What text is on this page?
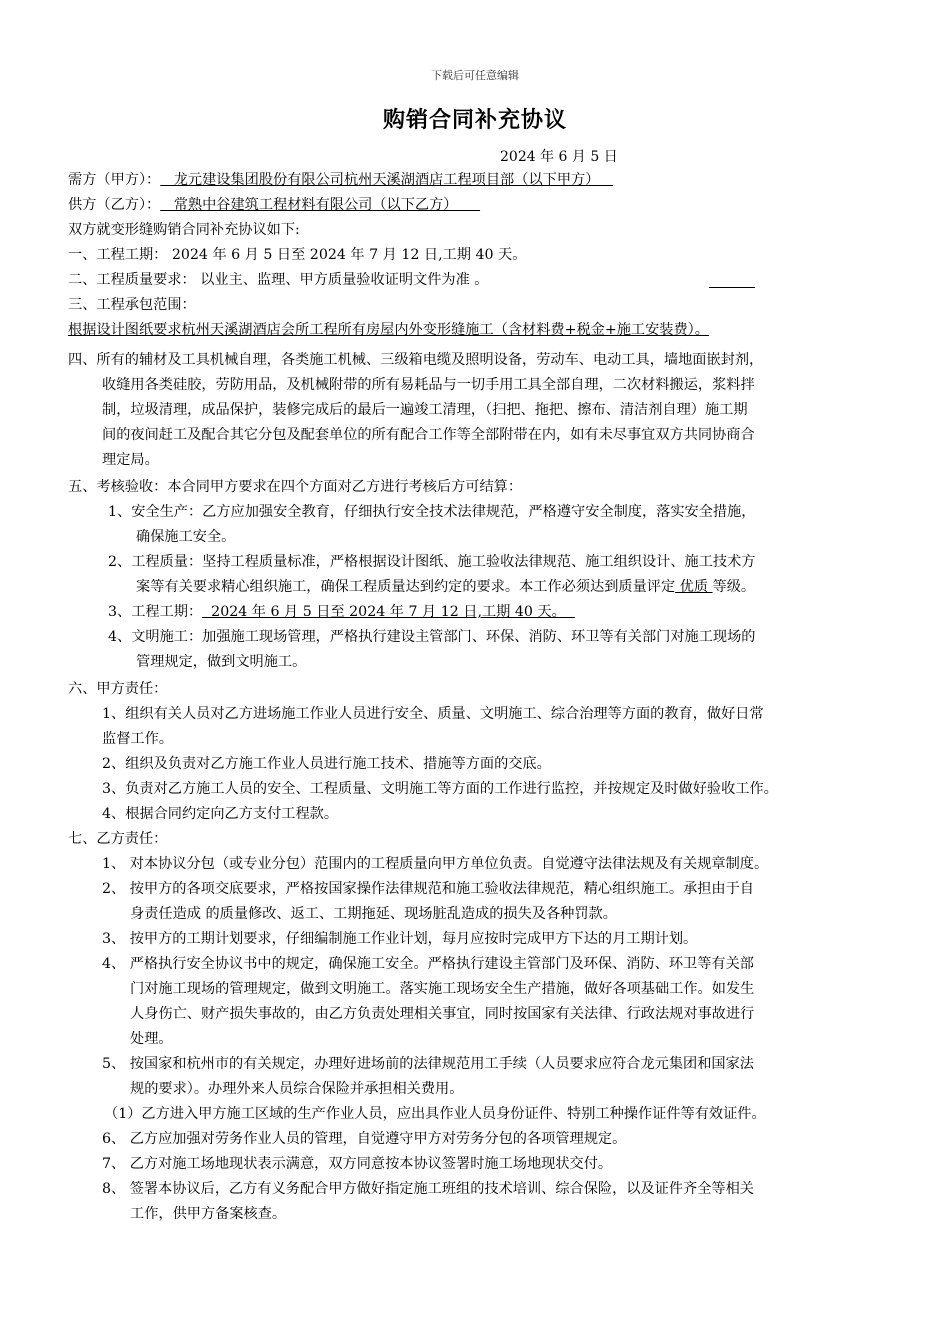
下载后可任意编辑
购销合同补充协议
2024 年 6 月 5 日
需方（甲方）：   龙元建设集团股份有限公司杭州天溪湖酒店工程项目部（以下甲方）
供方（乙方）：   常熟中谷建筑工程材料有限公司（以下乙方）
双方就变形缝购销合同补充协议如下:
一、工程工期： 2024 年 6 月 5 日至 2024 年 7 月 12 日,工期 40 天。
二、工程质量要求： 以业主、监理、甲方质量验收证明文件为准 。
三、工程承包范围：
根据设计图纸要求杭州天溪湖酒店会所工程所有房屋内外变形缝施工（含材料费+税金+施工安装费）。
四、所有的辅材及工具机械自理，各类施工机械、三级箱电缆及照明设备，劳动车、电动工具，墙地面嵌封剂，
收缝用各类硅胶，劳防用品，及机械附带的所有易耗品与一切手用工具全部自理，二次材料搬运，浆料拌
制，垃圾清理，成品保护，装修完成后的最后一遍竣工清理，（扫把、拖把、擦布、清洁剂自理）施工期
间的夜间赶工及配合其它分包及配套单位的所有配合工作等全部附带在内，如有未尽事宜双方共同协商合
理定局。
五、考核验收：本合同甲方要求在四个方面对乙方进行考核后方可结算：
1、安全生产：乙方应加强安全教育，仔细执行安全技术法律规范，严格遵守安全制度，落实安全措施，
确保施工安全。
2、工程质量：坚持工程质量标准，严格根据设计图纸、施工验收法律规范、施工组织设计、施工技术方
案等有关要求精心组织施工，确保工程质量达到约定的要求。本工作必须达到质量评定 优质 等级。
3、工程工期：  2024 年 6 月 5 日至 2024 年 7 月 12 日,工期 40 天。
4、文明施工：加强施工现场管理，严格执行建设主管部门、环保、消防、环卫等有关部门对施工现场的
管理规定，做到文明施工。
六、甲方责任：
1、组织有关人员对乙方进场施工作业人员进行安全、质量、文明施工、综合治理等方面的教育，做好日常
监督工作。
2、组织及负责对乙方施工作业人员进行施工技术、措施等方面的交底。
3、负责对乙方施工人员的安全、工程质量、文明施工等方面的工作进行监控，并按规定及时做好验收工作。
4、根据合同约定向乙方支付工程款。
七、乙方责任：
1、 对本协议分包（或专业分包）范围内的工程质量向甲方单位负责。自觉遵守法律法规及有关规章制度。
2、 按甲方的各项交底要求，严格按国家操作法律规范和施工验收法律规范，精心组织施工。承担由于自
身责任造成 的质量修改、返工、工期拖延、现场脏乱造成的损失及各种罚款。
3、 按甲方的工期计划要求，仔细编制施工作业计划，每月应按时完成甲方下达的月工期计划。
4、 严格执行安全协议书中的规定，确保施工安全。严格执行建设主管部门及环保、消防、环卫等有关部
门对施工现场的管理规定，做到文明施工。落实施工现场安全生产措施，做好各项基础工作。如发生
人身伤亡、财产损失事故的，由乙方负责处理相关事宜，同时按国家有关法律、行政法规对事故进行
处理。
5、 按国家和杭州市的有关规定，办理好进场前的法律规范用工手续（人员要求应符合龙元集团和国家法
规的要求）。办理外来人员综合保险并承担相关费用。
（1）乙方进入甲方施工区域的生产作业人员，应出具作业人员身份证件、特别工种操作证件等有效证件。
6、 乙方应加强对劳务作业人员的管理，自觉遵守甲方对劳务分包的各项管理规定。
7、 乙方对施工场地现状表示满意，双方同意按本协议签署时施工场地现状交付。
8、 签署本协议后，乙方有义务配合甲方做好指定施工班组的技术培训、综合保险，以及证件齐全等相关
工作，供甲方备案核查。
